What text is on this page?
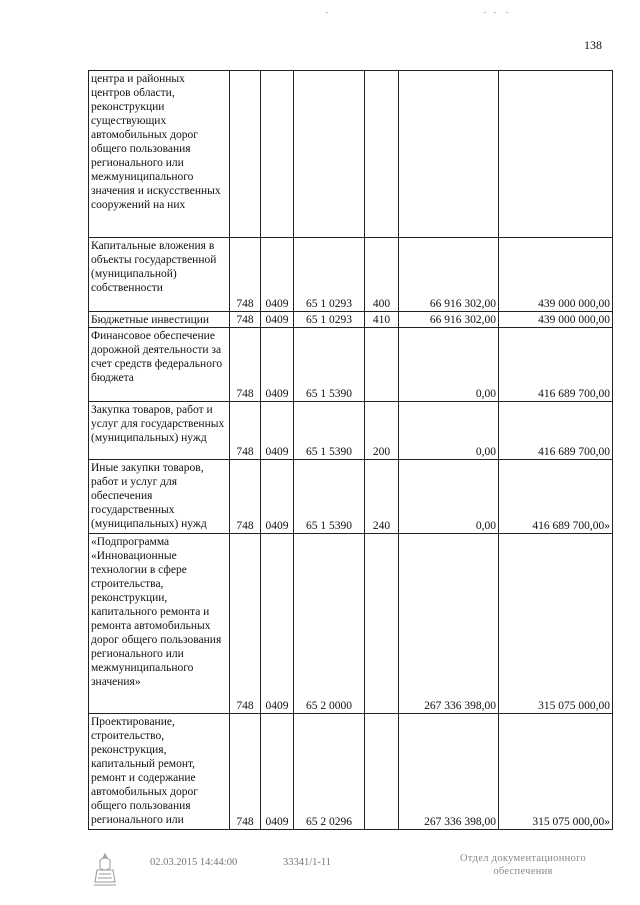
138
центра и районных центров области, реконструкции существующих автомобильных дорог общего пользования регионального или межмуниципального значения и искусственных сооружений на них						
Капитальные вложения в объекты государственной (муниципальной) собственности	748	0409	65 1 0293	400	66 916 302,00	439 000 000,00
Бюджетные инвестиции	748	0409	65 1 0293	410	66 916 302,00	439 000 000,00
Финансовое обеспечение дорожной деятельности за счет средств федерального бюджета	748	0409	65 1 5390		0,00	416 689 700,00
Закупка товаров, работ и услуг для государственных (муниципальных) нужд	748	0409	65 1 5390	200	0,00	416 689 700,00
Иные закупки товаров, работ и услуг для обеспечения государственных (муниципальных) нужд	748	0409	65 1 5390	240	0,00	416 689 700,00»
«Подпрограмма «Инновационные технологии в сфере строительства, реконструкции, капитального ремонта и ремонта автомобильных дорог общего пользования регионального или межмуниципального значения»	748	0409	65 2 0000		267 336 398,00	315 075 000,00
Проектирование, строительство, реконструкция, капитальный ремонт, ремонт и содержание автомобильных дорог общего пользования регионального или	748	0409	65 2 0296		267 336 398,00	315 075 000,00»
02.03.2015 14:44:00	33341/1-11	Отдел документационного обеспечения
